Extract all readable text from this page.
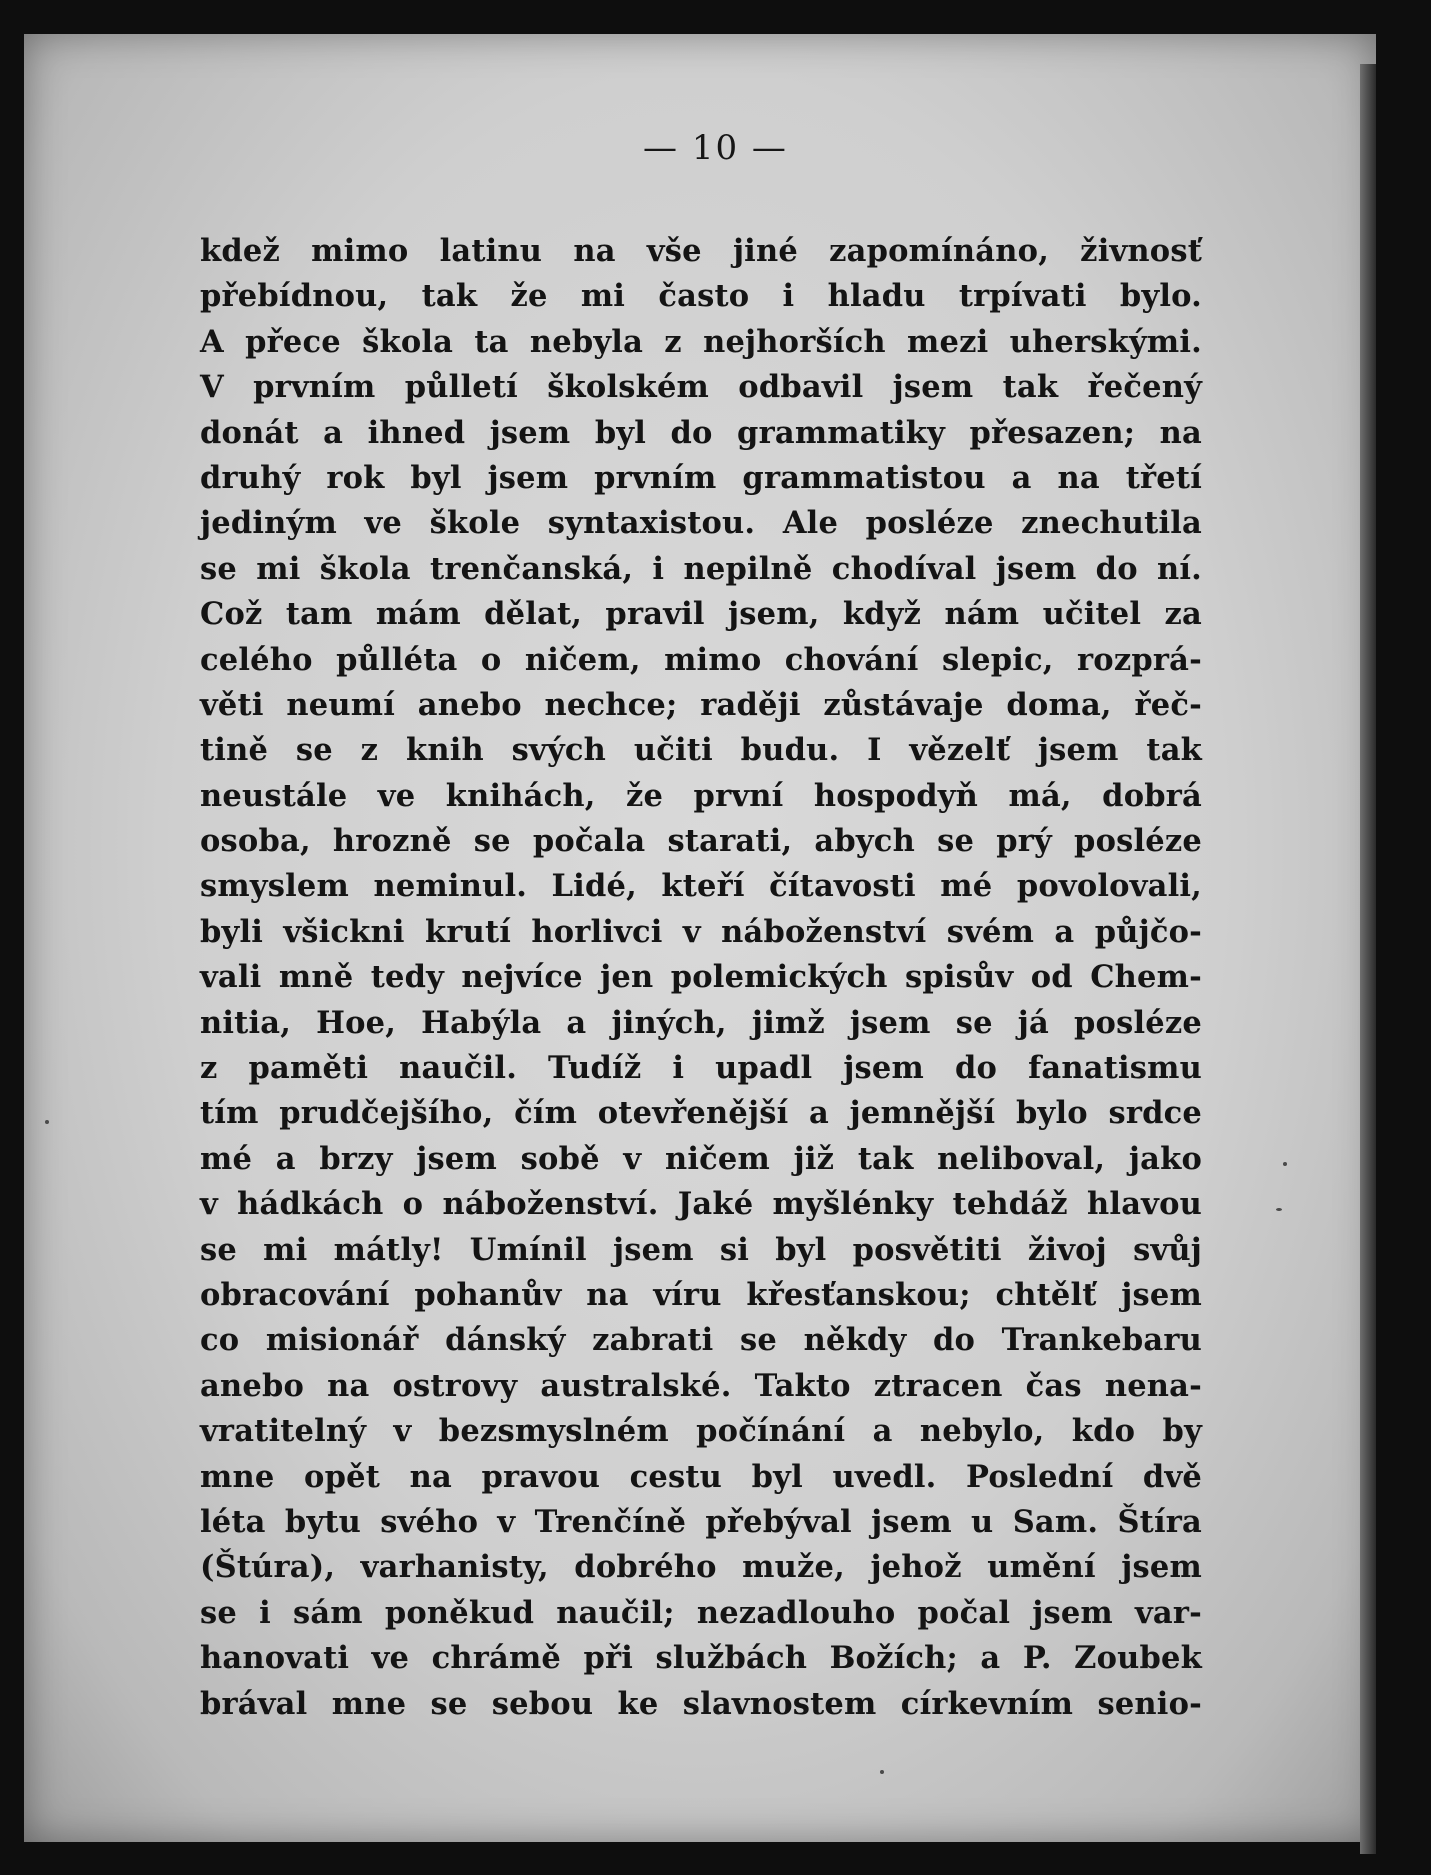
— 10 —
kdež mimo latinu na vše jiné zapomínáno, živnosť
přebídnou, tak že mi často i hladu trpívati bylo.
A přece škola ta nebyla z nejhorších mezi uherskými.
V prvním půlletí školském odbavil jsem tak řečený
donát a ihned jsem byl do grammatiky přesazen; na
druhý rok byl jsem prvním grammatistou a na třetí
jediným ve škole syntaxistou. Ale posléze znechutila
se mi škola trenčanská, i nepilně chodíval jsem do ní.
Což tam mám dělat, pravil jsem, když nám učitel za
celého půlléta o ničem, mimo chování slepic, rozprá-
věti neumí anebo nechce; raději zůstávaje doma, řeč-
tině se z knih svých učiti budu. I vězelť jsem tak
neustále ve knihách, že první hospodyň má, dobrá
osoba, hrozně se počala starati, abych se prý posléze
smyslem neminul. Lidé, kteří čítavosti mé povolovali,
byli všickni krutí horlivci v náboženství svém a půjčo-
vali mně tedy nejvíce jen polemických spisův od Chem-
nitia, Hoe, Habýla a jiných, jimž jsem se já posléze
z paměti naučil. Tudíž i upadl jsem do fanatismu
tím prudčejšího, čím otevřenější a jemnější bylo srdce
mé a brzy jsem sobě v ničem již tak nelibоval, jako
v hádkách o náboženství. Jaké myšlénky tehdáž hlavou
se mi mátly! Umínil jsem si byl posvětiti živoj svůj
obracování pohanův na víru křesťanskou; chtělť jsem
co misionář dánský zabrati se někdy do Trankebaru
anebo na ostrovy australské. Takto ztracen čas nena-
vratitelný v bezsmyslném počínání a nebylo, kdo by
mne opět na pravou cestu byl uvedl. Poslední dvě
léta bytu svého v Trenčíně přebýval jsem u Sam. Štíra
(Štúra), varhanisty, dobrého muže, jehož umění jsem
se i sám poněkud naučil; nezadlouho počal jsem var-
hanovati ve chrámě při službách Božích; a P. Zoubek
brával mne se sebou ke slavnostem církevním senio-
